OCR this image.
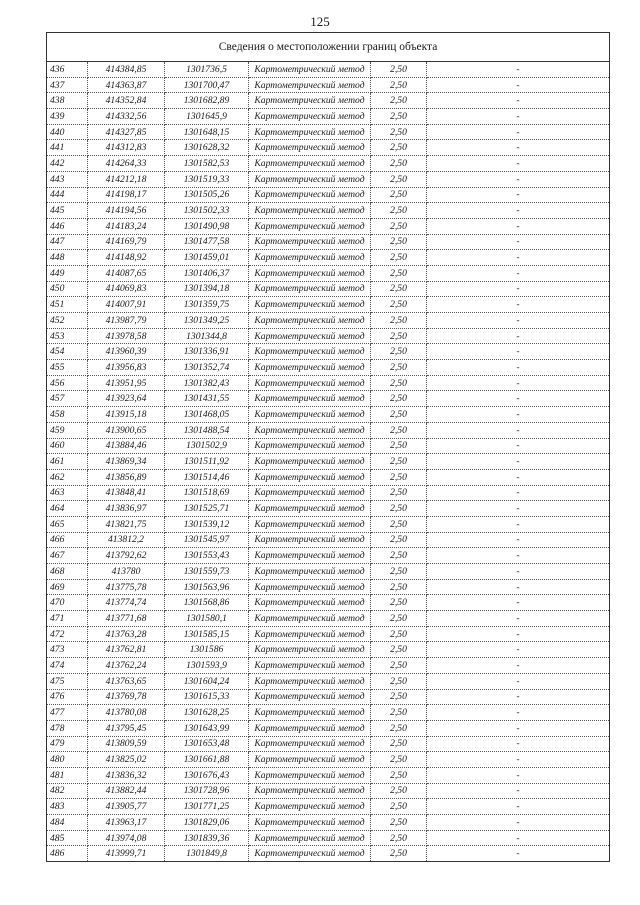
125
Сведения о местоположении границ объекта					
436	414384,85	1301736,5	Картометрический метод	2,50	-
437	414363,87	1301700,47	Картометрический метод	2,50	-
438	414352,84	1301682,89	Картометрический метод	2,50	-
439	414332,56	1301645,9	Картометрический метод	2,50	-
440	414327,85	1301648,15	Картометрический метод	2,50	-
441	414312,83	1301628,32	Картометрический метод	2,50	-
442	414264,33	1301582,53	Картометрический метод	2,50	-
443	414212,18	1301519,33	Картометрический метод	2,50	-
444	414198,17	1301505,26	Картометрический метод	2,50	-
445	414194,56	1301502,33	Картометрический метод	2,50	-
446	414183,24	1301490,98	Картометрический метод	2,50	-
447	414169,79	1301477,58	Картометрический метод	2,50	-
448	414148,92	1301459,01	Картометрический метод	2,50	-
449	414087,65	1301406,37	Картометрический метод	2,50	-
450	414069,83	1301394,18	Картометрический метод	2,50	-
451	414007,91	1301359,75	Картометрический метод	2,50	-
452	413987,79	1301349,25	Картометрический метод	2,50	-
453	413978,58	1301344,8	Картометрический метод	2,50	-
454	413960,39	1301336,91	Картометрический метод	2,50	-
455	413956,83	1301352,74	Картометрический метод	2,50	-
456	413951,95	1301382,43	Картометрический метод	2,50	-
457	413923,64	1301431,55	Картометрический метод	2,50	-
458	413915,18	1301468,05	Картометрический метод	2,50	-
459	413900,65	1301488,54	Картометрический метод	2,50	-
460	413884,46	1301502,9	Картометрический метод	2,50	-
461	413869,34	1301511,92	Картометрический метод	2,50	-
462	413856,89	1301514,46	Картометрический метод	2,50	-
463	413848,41	1301518,69	Картометрический метод	2,50	-
464	413836,97	1301525,71	Картометрический метод	2,50	-
465	413821,75	1301539,12	Картометрический метод	2,50	-
466	413812,2	1301545,97	Картометрический метод	2,50	-
467	413792,62	1301553,43	Картометрический метод	2,50	-
468	413780	1301559,73	Картометрический метод	2,50	-
469	413775,78	1301563,96	Картометрический метод	2,50	-
470	413774,74	1301568,86	Картометрический метод	2,50	-
471	413771,68	1301580,1	Картометрический метод	2,50	-
472	413763,28	1301585,15	Картометрический метод	2,50	-
473	413762,81	1301586	Картометрический метод	2,50	-
474	413762,24	1301593,9	Картометрический метод	2,50	-
475	413763,65	1301604,24	Картометрический метод	2,50	-
476	413769,78	1301615,33	Картометрический метод	2,50	-
477	413780,08	1301628,25	Картометрический метод	2,50	-
478	413795,45	1301643,99	Картометрический метод	2,50	-
479	413809,59	1301653,48	Картометрический метод	2,50	-
480	413825,02	1301661,88	Картометрический метод	2,50	-
481	413836,32	1301676,43	Картометрический метод	2,50	-
482	413882,44	1301728,96	Картометрический метод	2,50	-
483	413905,77	1301771,25	Картометрический метод	2,50	-
484	413963,17	1301829,06	Картометрический метод	2,50	-
485	413974,08	1301839,36	Картометрический метод	2,50	-
486	413999,71	1301849,8	Картометрический метод	2,50	-
